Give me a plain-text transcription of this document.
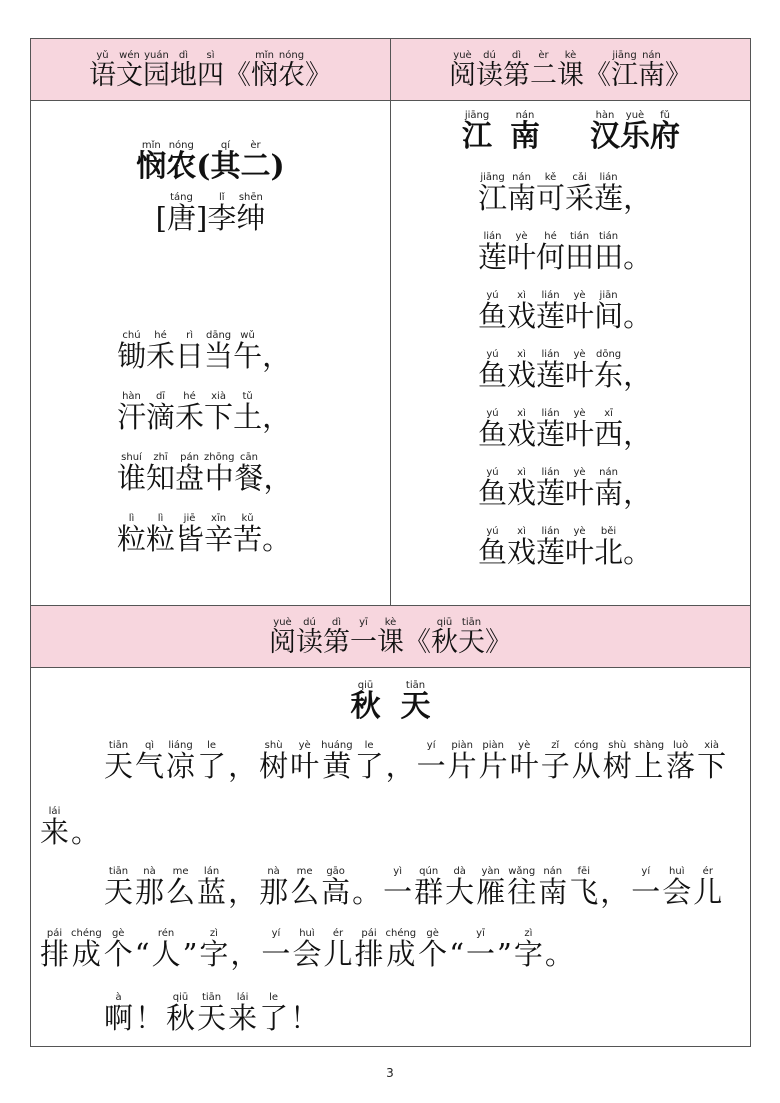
yǔ
语
wén
文
yuán
园
dì
地
sì
四 《
mǐn
悯
nóng
农 》
yuè
阅
dú
读
dì
第
èr
二
kè
课 《
jiāng
江
nán
南 》
mǐn
悯
nóng
农 (
qí
其
èr
二 )
[
táng
唐 ]
lǐ
李
shēn
绅
chú
锄
hé
禾
rì
日
dāng
当
wǔ
午 ，
hàn
汗
dī
滴
hé
禾
xià
下
tǔ
土 ，
shuí
谁
zhī
知
pán
盘
zhōng
中
cān
餐 ，
lì
粒
lì
粒
jiē
皆
xīn
辛
kǔ
苦 。
jiāng
江
nán
南
hàn
汉
yuè
乐
fǔ
府
jiāng
江
nán
南
kě
可
cǎi
采
lián
莲 ，
lián
莲
yè
叶
hé
何
tián
田
tián
田 。
yú
鱼
xì
戏
lián
莲
yè
叶
jiān
间 。
yú
鱼
xì
戏
lián
莲
yè
叶
dōng
东 ，
yú
鱼
xì
戏
lián
莲
yè
叶
xī
西 ，
yú
鱼
xì
戏
lián
莲
yè
叶
nán
南 ，
yú
鱼
xì
戏
lián
莲
yè
叶
běi
北 。
yuè
阅
dú
读
dì
第
yī
一
kè
课 《
qiū
秋
tiān
天 》
qiū
秋
tiān
天
tiān
天
qì
气
liáng
凉
le
了 ，
shù
树
yè
叶
huáng
黄
le
了 ，
yí
一
piàn
片
piàn
片
yè
叶
zǐ
子
cóng
从
shù
树
shàng
上
luò
落
xià
下
lái
来 。
tiān
天
nà
那
me
么
lán
蓝 ，
nà
那
me
么
gāo
高 。
yì
一
qún
群
dà
大
yàn
雁
wǎng
往
nán
南
fēi
飞 ，
yí
一
huì
会
ér
儿
pái
排
chéng
成
gè
个 “
rén
人 ”
zì
字 ，
yí
一
huì
会
ér
儿
pái
排
chéng
成
gè
个 “
yī
一 ”
zì
字 。
à
啊 ！
qiū
秋
tiān
天
lái
来
le
了 ！
3
